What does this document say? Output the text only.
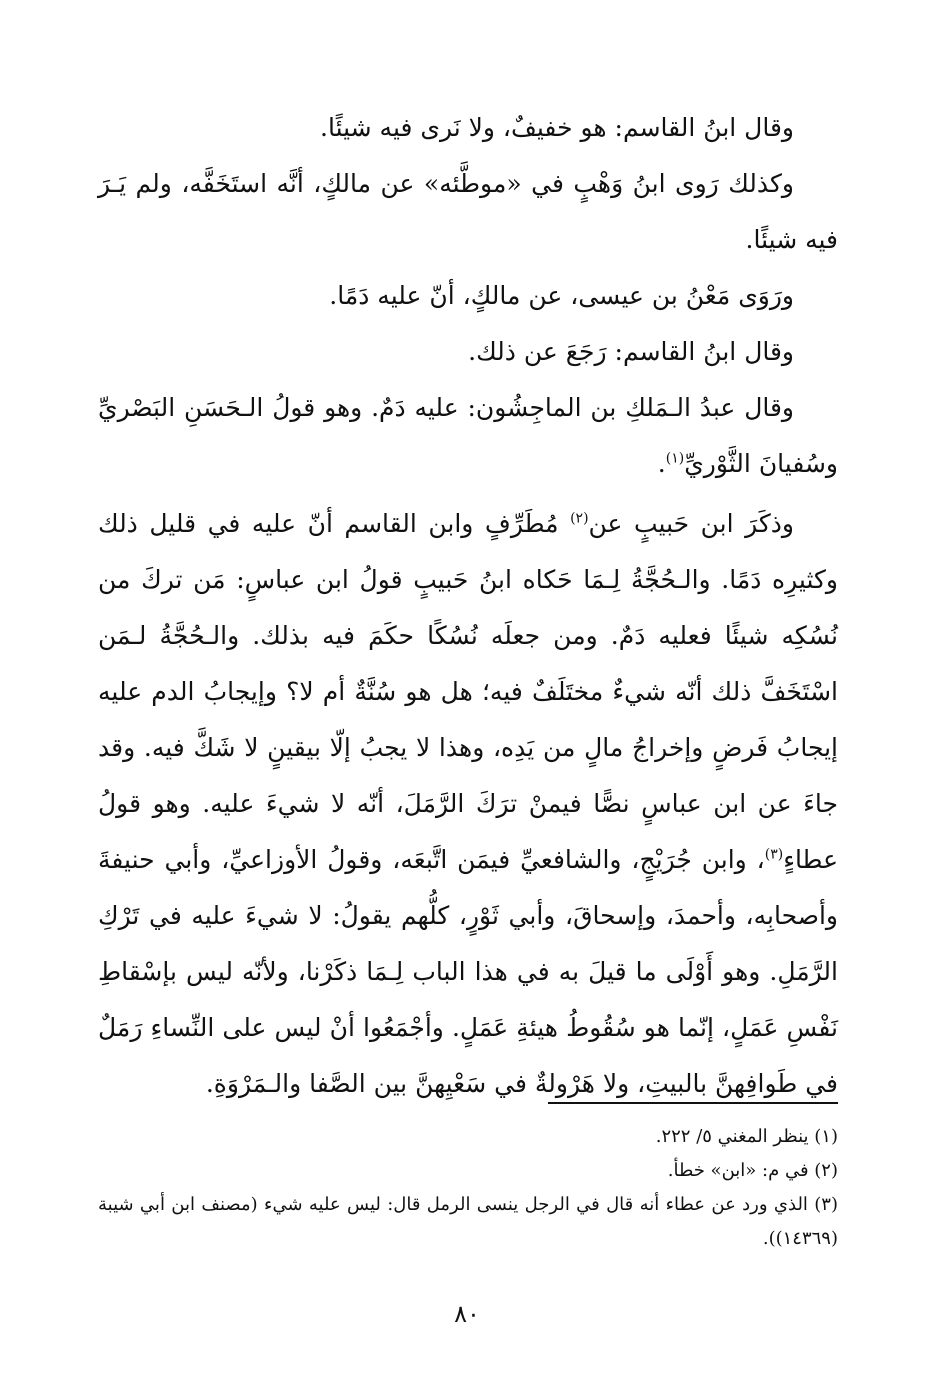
وقال ابنُ القاسم: هو خفيفٌ، ولا نَرى فيه شيئًا.

وكذلك رَوى ابنُ وَهْبٍ في «موطَّئه» عن مالكٍ، أنَّه استَخَفَّه، ولم يَـرَ فيه شيئًا.

ورَوَى مَعْنُ بن عيسى، عن مالكٍ، أنّ عليه دَمًا.

وقال ابنُ القاسم: رَجَعَ عن ذلك.

وقال عبدُ الـمَلكِ بن الماجِشُون: عليه دَمٌ. وهو قولُ الـحَسَنِ البَصْريِّ وسُفيانَ الثَّوْريِّ$^{(١)}$.

وذكَرَ ابن حَبيبٍ عن$^{(٢)}$ مُطَرِّفٍ وابن القاسم أنّ عليه في قليل ذلك وكثيرِه دَمًا. والـحُجَّةُ لِـمَا حَكاه ابنُ حَبيبٍ قولُ ابن عباسٍ: مَن تركَ من نُسُكِه شيئًا فعليه دَمٌ. ومن جعلَه نُسُكًا حكَمَ فيه بذلك. والـحُجَّةُ لـمَن اسْتَخَفَّ ذلك أنّه شيءٌ مختَلَفٌ فيه؛ هل هو سُنَّةٌ أم لا؟ وإيجابُ الدم عليه إيجابُ فَرضٍ وإخراجُ مالٍ من يَدِه، وهذا لا يجبُ إلّا بيقينٍ لا شَكَّ فيه. وقد جاءَ عن ابن عباسٍ نصًّا فيمنْ ترَكَ الرَّمَلَ، أنّه لا شيءَ عليه. وهو قولُ عطاءٍ$^{(٣)}$، وابن جُرَيْجٍ، والشافعيِّ فيمَن اتَّبعَه، وقولُ الأوزاعيِّ، وأبي حنيفةَ وأصحابِه، وأحمدَ، وإسحاقَ، وأبي ثَوْرٍ، كلُّهم يقولُ: لا شيءَ عليه في تَرْكِ الرَّمَلِ. وهو أَوْلَى ما قيلَ به في هذا الباب لِـمَا ذكَرْنا، ولأنّه ليس بإسْقاطِ نَفْسِ عَمَلٍ، إنّما هو سُقُوطُ هيئةِ عَمَلٍ. وأجْمَعُوا أنْ ليس على النِّساءِ رَمَلٌ في طَوافِهنَّ بالبيتِ، ولا هَرْولةٌ في سَعْيِهنَّ بين الصَّفا والـمَرْوَةِ.

(١) ينظر المغني ٥/ ٢٢٢.

(٢) في م: «ابن» خطأ.

(٣) الذي ورد عن عطاء أنه قال في الرجل ينسى الرمل قال: ليس عليه شيء (مصنف ابن أبي شيبة (١٤٣٦٩)).

٨٠
